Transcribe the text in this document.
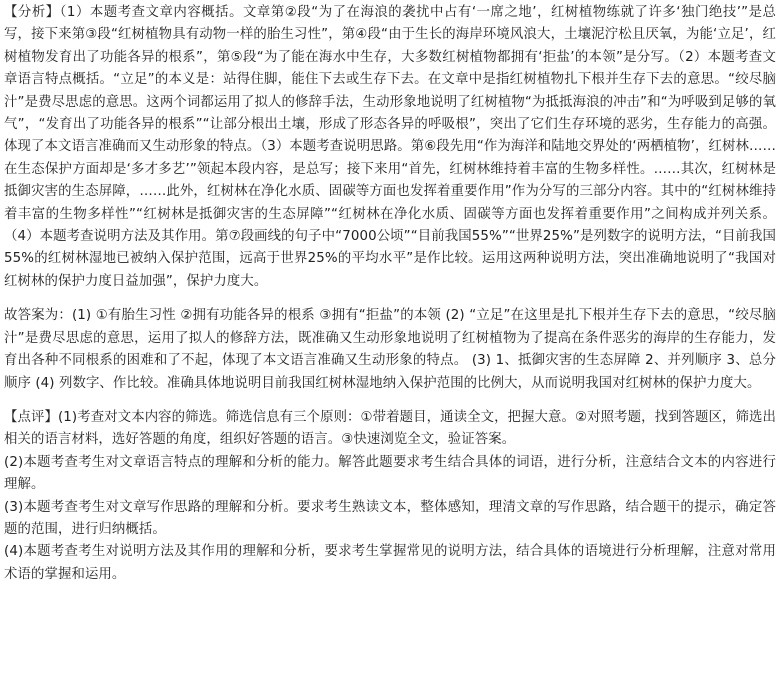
【分析】（1）本题考查文章内容概括。文章第②段“为了在海浪的袭扰中占有‘一席之地’，红树植物练就了许多‘独门绝技’”是总写，接下来第③段“红树植物具有动物一样的胎生习性”，第④段“由于生长的海岸环境风浪大，土壤泥泞松且厌氧，为能‘立足’，红树植物发育出了功能各异的根系”，第⑤段“为了能在海水中生存，大多数红树植物都拥有‘拒盐’的本领”是分写。（2）本题考查文章语言特点概括。“立足”的本义是：站得住脚，能住下去或生存下去。在文章中是指红树植物扎下根并生存下去的意思。“绞尽脑汁”是费尽思虑的意思。这两个词都运用了拟人的修辞手法，生动形象地说明了红树植物“为抵抵海浪的冲击”和“为呼吸到足够的氧气”，“发育出了功能各异的根系”“让部分根出土壤，形成了形态各异的呼吸根”，突出了它们生存环境的恶劣，生存能力的高强。体现了本文语言准确而又生动形象的特点。（3）本题考查说明思路。第⑥段先用“作为海洋和陆地交界处的‘两栖植物’，红树林……在生态保护方面却是‘多才多艺’”领起本段内容，是总写；接下来用“首先，红树林维持着丰富的生物多样性。……其次，红树林是抵御灾害的生态屏障，……此外，红树林在净化水质、固碳等方面也发挥着重要作用”作为分写的三部分内容。其中的“红树林维持着丰富的生物多样性”“红树林是抵御灾害的生态屏障”“红树林在净化水质、固碳等方面也发挥着重要作用”之间构成并列关系。（4）本题考查说明方法及其作用。第⑦段画线的句子中“7000公顷”“目前我国55%”“世界25%”是列数字的说明方法，“目前我国55%的红树林湿地已被纳入保护范围，远高于世界25%的平均水平”是作比较。运用这两种说明方法，突出准确地说明了“我国对红树林的保护力度日益加强”，保护力度大。

故答案为：(1) ①有胎生习性 ②拥有功能各异的根系 ③拥有“拒盐”的本领 (2) “立足”在这里是扎下根并生存下去的意思，“绞尽脑汁”是费尽思虑的意思，运用了拟人的修辞方法，既准确又生动形象地说明了红树植物为了提高在条件恶劣的海岸的生存能力，发育出各种不同根系的困难和了不起，体现了本文语言准确又生动形象的特点。 (3) 1、抵御灾害的生态屏障 2、并列顺序 3、总分顺序 (4) 列数字、作比较。准确具体地说明目前我国红树林湿地纳入保护范围的比例大，从而说明我国对红树林的保护力度大。

【点评】(1)考查对文本内容的筛选。筛选信息有三个原则：①带着题目，通读全文，把握大意。②对照考题，找到答题区，筛选出相关的语言材料，选好答题的角度，组织好答题的语言。③快速浏览全文，验证答案。

(2)本题考查考生对文章语言特点的理解和分析的能力。解答此题要求考生结合具体的词语，进行分析，注意结合文本的内容进行理解。

(3)本题考查考生对文章写作思路的理解和分析。要求考生熟读文本，整体感知，理清文章的写作思路，结合题干的提示，确定答题的范围，进行归纳概括。

(4)本题考查考生对说明方法及其作用的理解和分析，要求考生掌握常见的说明方法，结合具体的语境进行分析理解，注意对常用术语的掌握和运用。
